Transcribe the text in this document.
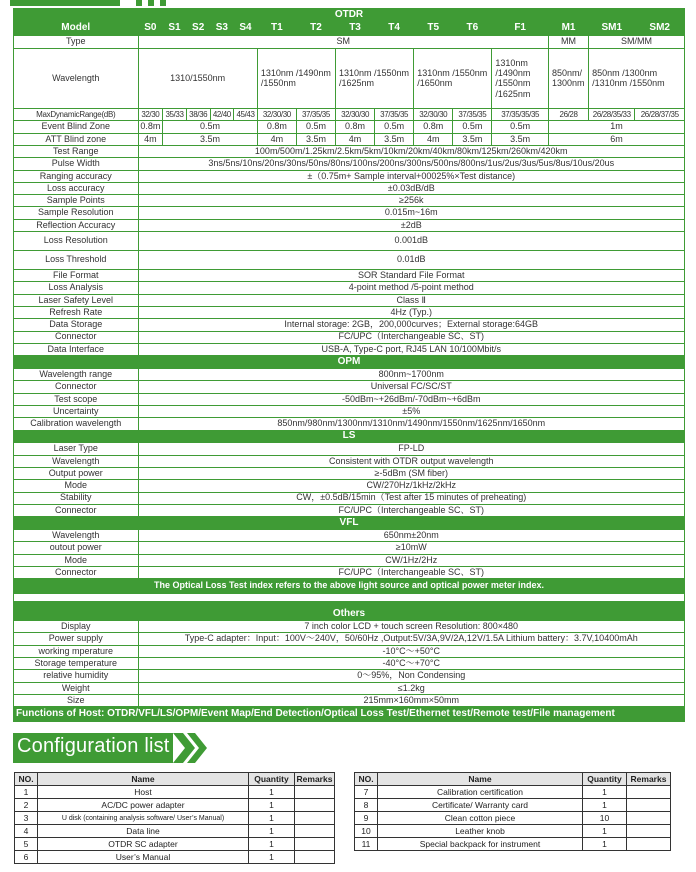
OTDR															
Model	S0	S1	S2	S3	S4	T1	T2	T3	T4	T5	T6	F1	M1	SM1	SM2
Type	SM												MM	SM/MM	
Wavelength	1310/1550nm					1310nm /1490nm /1550nm		1310nm /1550nm /1625nm		1310nm /1550nm /1650nm		1310nm /1490nm /1550nm /1625nm	850nm/ 1300nm	850nm /1300nm /1310nm /1550nm	
MaxDynamicRange(dB)	32/30	35/33	38/36	42/40	45/43	32/30/30	37/35/35	32/30/30	37/35/35	32/30/30	37/35/35	37/35/35/35	26/28	26/28/35/33	26/28/37/35
Event Blind Zone	0.8m	0.5m				0.8m	0.5m	0.8m	0.5m	0.8m	0.5m	0.5m	1m		
ATT Blind zone	4m	3.5m				4m	3.5m	4m	3.5m	4m	3.5m	3.5m	6m		
Test Range	100m/500m/1.25km/2.5km/5km/10km/20km/40km/80km/125km/260km/420km														
Pulse Width	3ns/5ns/10ns/20ns/30ns/50ns/80ns/100ns/200ns/300ns/500ns/800ns/1us/2us/3us/5us/8us/10us/20us														
Ranging accuracy	±（0.75m+ Sample interval+00025%×Test distance)														
Loss accuracy	±0.03dB/dB														
Sample Points	≥256k														
Sample Resolution	0.015m~16m														
Reflection Accuracy	±2dB														
Loss Resolution	0.001dB														
Loss Threshold	0.01dB														
File Format	SOR Standard File Format														
Loss Analysis	4-point method /5-point method														
Laser Safety Level	Class Ⅱ														
Refresh Rate	4Hz (Typ.)														
Data Storage	Internal storage: 2GB，200,000curves；External storage:64GB														
Connector	FC/UPC（Interchangeable SC、ST)														
Data Interface	USB-A, Type-C port, RJ45 LAN 10/100Mbit/s														
OPM															
Wavelength range	800nm~1700nm														
Connector	Universal FC/SC/ST														
Test scope	-50dBm~+26dBm/-70dBm~+6dBm														
Uncertainty	±5%														
Calibration wavelength	850nm/980nm/1300nm/1310nm/1490nm/1550nm/1625nm/1650nm														
LS															
Laser Type	FP-LD														
Wavelength	Consistent with OTDR output wavelength														
Output power	≥-5dBm (SM fiber)														
Mode	CW/270Hz/1kHz/2kHz														
Stability	CW，±0.5dB/15min（Test after 15 minutes of preheating)														
Connector	FC/UPC（Interchangeable SC、ST)														
VFL															
Wavelength	650nm±20nm														
outout power	≥10mW														
Mode	CW/1Hz/2Hz														
Connector	FC/UPC（Interchangeable SC、ST)														
The Optical Loss Test index refers to the above light source and optical power meter index.															

Others															
Display	7 inch color LCD + touch screen Resolution: 800×480														
Power supply	Type-C adapter：Input：100V～240V，50/60Hz ,Output:5V/3A,9V/2A,12V/1.5A Lithium battery：3.7V,10400mAh														
working mperature	-10°C～+50°C														
Storage temperature	-40°C～+70°C														
relative humidity	0～95%，Non Condensing														
Weight	≤1.2kg														
Size	215mm×160mm×50mm														
Functions of Host: OTDR/VFL/LS/OPM/Event Map/End Detection/Optical Loss Test/Ethernet test/Remote test/File management															
Configuration list
NO.	Name	Quantity	Remarks
1	Host	1	
2	AC/DC power adapter	1	
3	U disk (containing analysis software/ User’s Manual)	1	
4	Data line	1	
5	OTDR SC adapter	1	
6	User’s Manual	1	
NO.	Name	Quantity	Remarks
7	Calibration certification	1	
8	Certificate/ Warranty card	1	
9	Clean cotton piece	10	
10	Leather knob	1	
11	Special backpack for instrument	1	
